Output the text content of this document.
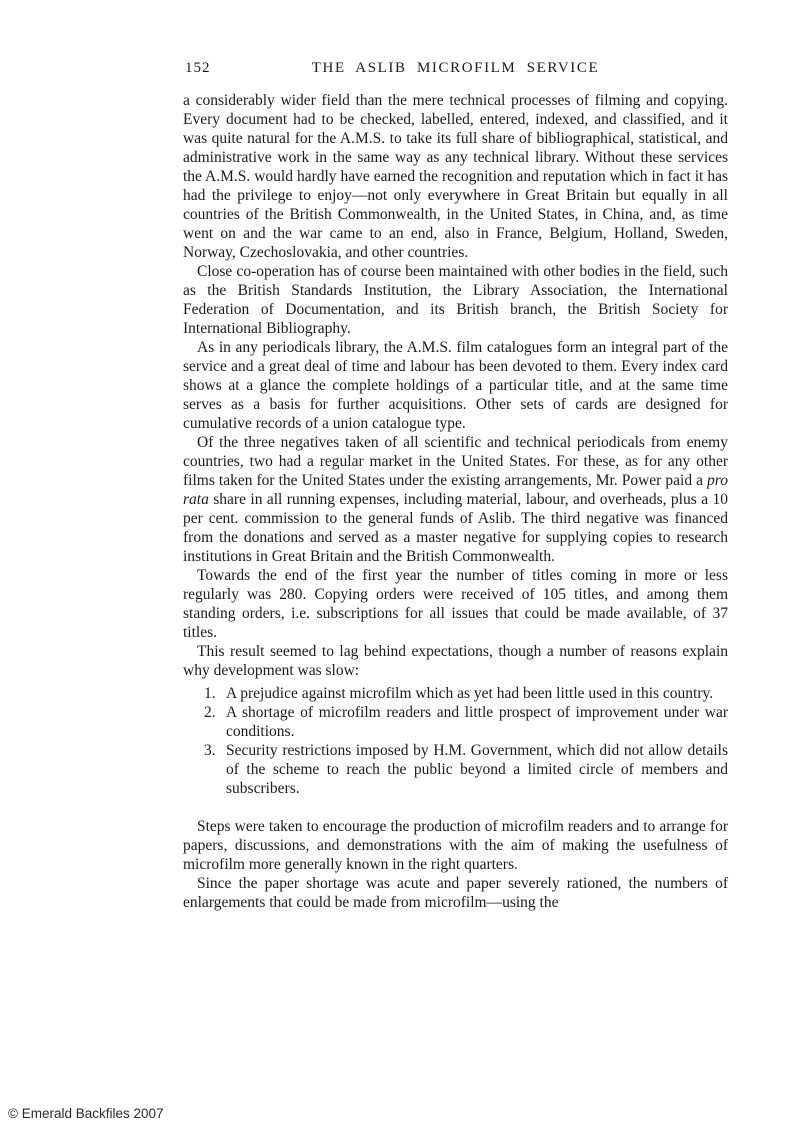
152	THE ASLIB MICROFILM SERVICE

a considerably wider field than the mere technical processes of filming and copying. Every document had to be checked, labelled, entered, indexed, and classified, and it was quite natural for the A.M.S. to take its full share of bibliographical, statistical, and administrative work in the same way as any technical library. Without these services the A.M.S. would hardly have earned the recognition and reputation which in fact it has had the privilege to enjoy—not only everywhere in Great Britain but equally in all countries of the British Commonwealth, in the United States, in China, and, as time went on and the war came to an end, also in France, Belgium, Holland, Sweden, Norway, Czechoslovakia, and other countries.

Close co-operation has of course been maintained with other bodies in the field, such as the British Standards Institution, the Library Association, the International Federation of Documentation, and its British branch, the British Society for International Bibliography.

As in any periodicals library, the A.M.S. film catalogues form an integral part of the service and a great deal of time and labour has been devoted to them. Every index card shows at a glance the complete holdings of a particular title, and at the same time serves as a basis for further acquisitions. Other sets of cards are designed for cumulative records of a union catalogue type.

Of the three negatives taken of all scientific and technical periodicals from enemy countries, two had a regular market in the United States. For these, as for any other films taken for the United States under the existing arrangements, Mr. Power paid a pro rata share in all running expenses, including material, labour, and overheads, plus a 10 per cent. commission to the general funds of Aslib. The third negative was financed from the donations and served as a master negative for supplying copies to research institutions in Great Britain and the British Commonwealth.

Towards the end of the first year the number of titles coming in more or less regularly was 280. Copying orders were received of 105 titles, and among them standing orders, i.e. subscriptions for all issues that could be made available, of 37 titles.

This result seemed to lag behind expectations, though a number of reasons explain why development was slow:

1. A prejudice against microfilm which as yet had been little used in this country.
2. A shortage of microfilm readers and little prospect of improvement under war conditions.
3. Security restrictions imposed by H.M. Government, which did not allow details of the scheme to reach the public beyond a limited circle of members and subscribers.

Steps were taken to encourage the production of microfilm readers and to arrange for papers, discussions, and demonstrations with the aim of making the usefulness of microfilm more generally known in the right quarters.

Since the paper shortage was acute and paper severely rationed, the numbers of enlargements that could be made from microfilm—using the

© Emerald Backfiles 2007
